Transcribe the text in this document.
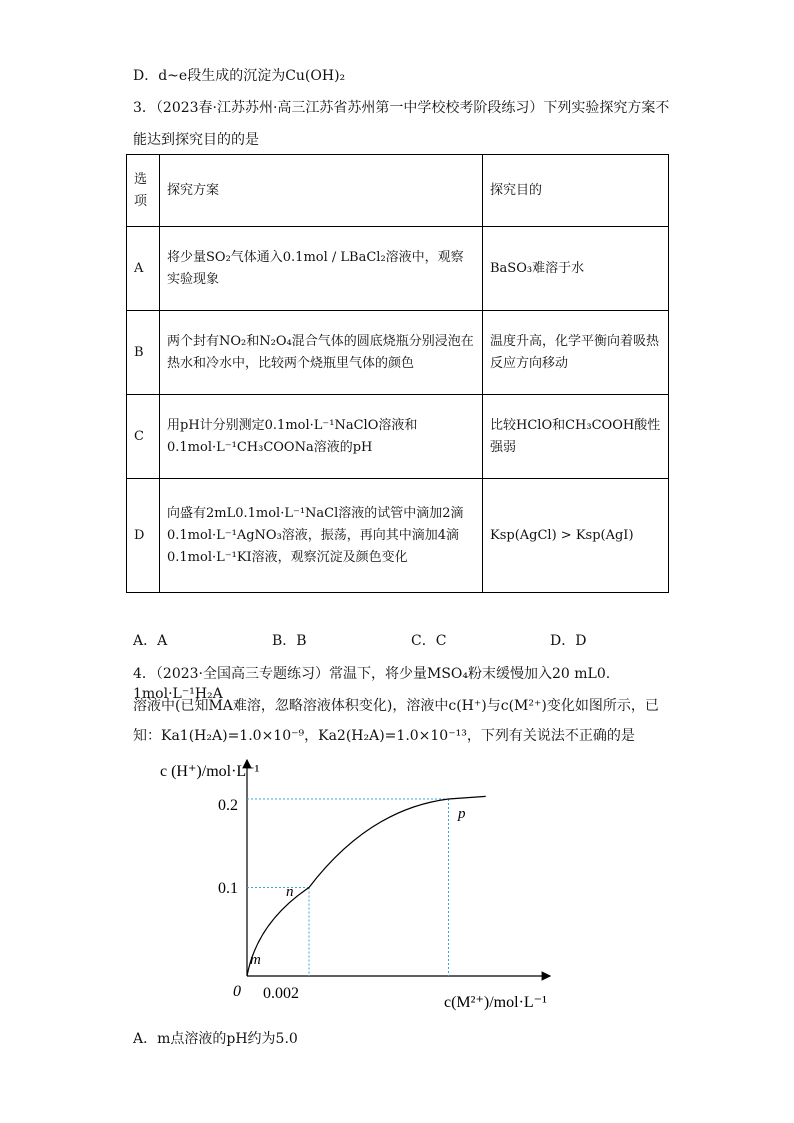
D．d~e段生成的沉淀为Cu(OH)₂
3．（2023春·江苏苏州·高三江苏省苏州第一中学校校考阶段练习）下列实验探究方案不
能达到探究目的的是
选项	探究方案	探究目的
A	将少量SO₂气体通入0.1mol / LBaCl₂溶液中，观察实验现象	BaSO₃难溶于水
B	两个封有NO₂和N₂O₄混合气体的圆底烧瓶分别浸泡在热水和冷水中，比较两个烧瓶里气体的颜色	温度升高，化学平衡向着吸热反应方向移动
C	用pH计分别测定0.1mol·L⁻¹NaClO溶液和0.1mol·L⁻¹CH₃COONa溶液的pH	比较HClO和CH₃COOH酸性强弱
D	向盛有2mL0.1mol·L⁻¹NaCl溶液的试管中滴加2滴0.1mol·L⁻¹AgNO₃溶液，振荡，再向其中滴加4滴0.1mol·L⁻¹KI溶液，观察沉淀及颜色变化	Ksp(AgCl) > Ksp(AgI)
A．A	B．B	C．C	D．D
4．（2023·全国高三专题练习）常温下，将少量MSO₄粉末缓慢加入20 mL0. 1mol·L⁻¹H₂A
溶液中(已知MA难溶，忽略溶液体积变化)，溶液中c(H⁺)与c(M²⁺)变化如图所示，已
知：Ka1(H₂A)=1.0×10⁻⁹，Ka2(H₂A)=1.0×10⁻¹³，下列有关说法不正确的是
c (H⁺)/mol·L⁻¹
c(M²⁺)/mol·L⁻¹
0
0.1
0.2
0.002
m
n
p
A．m点溶液的pH约为5.0
